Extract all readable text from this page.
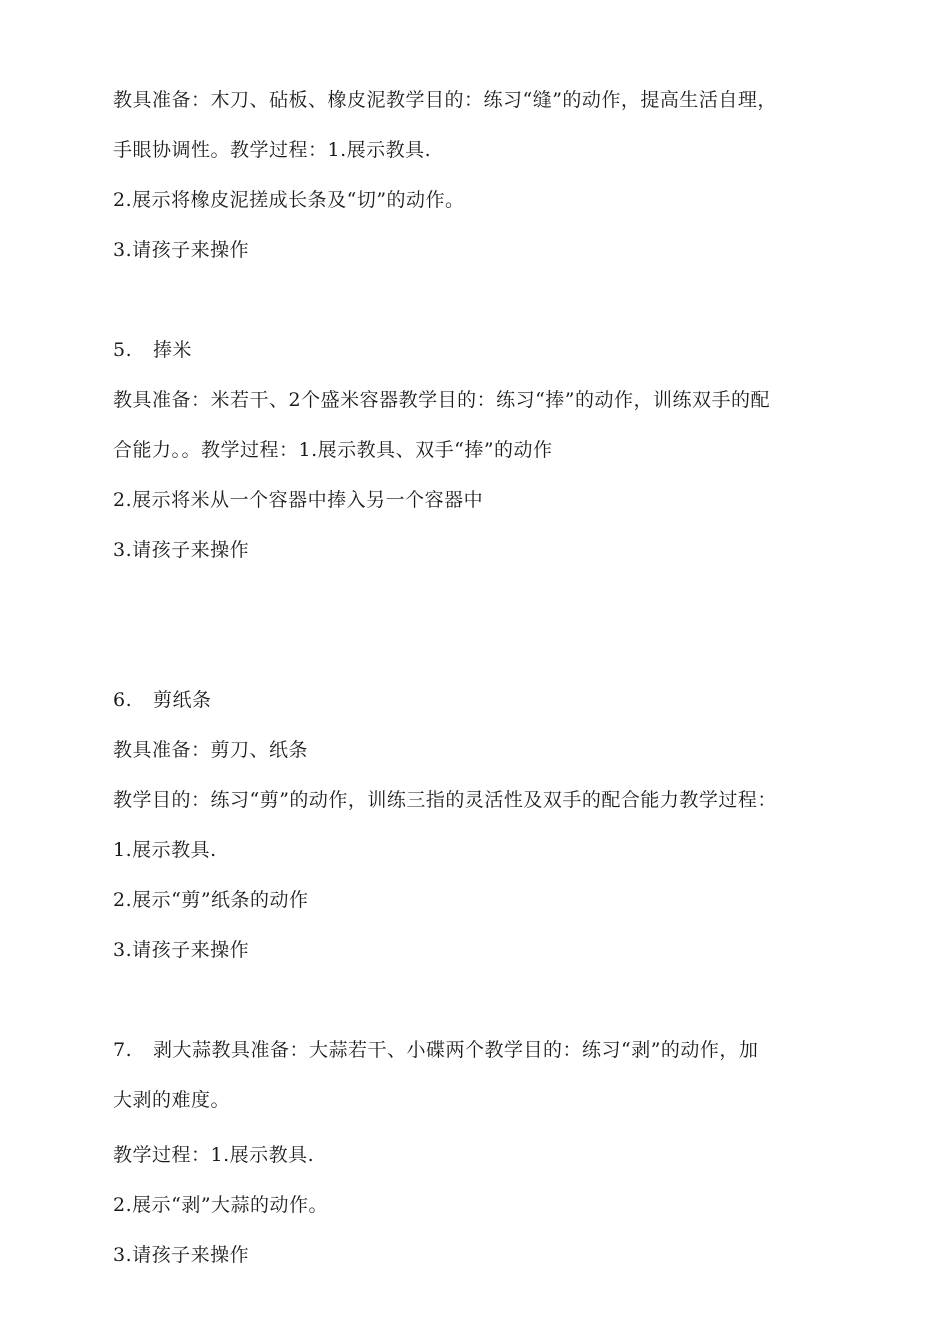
教具准备：木刀、砧板、橡皮泥教学目的：练习“缝”的动作，提高生活自理，
手眼协调性。教学过程：1.展示教具.
2.展示将橡皮泥搓成长条及“切”的动作。
3.请孩子来操作
5. 捧米
教具准备：米若干、2个盛米容器教学目的：练习“捧”的动作，训练双手的配
合能力。。教学过程：1.展示教具、双手“捧”的动作
2.展示将米从一个容器中捧入另一个容器中
3.请孩子来操作
6. 剪纸条
教具准备：剪刀、纸条
教学目的：练习“剪”的动作，训练三指的灵活性及双手的配合能力教学过程：
1.展示教具.
2.展示“剪”纸条的动作
3.请孩子来操作
7. 剥大蒜教具准备：大蒜若干、小碟两个教学目的：练习“剥”的动作，加
大剥的难度。
教学过程：1.展示教具.
2.展示“剥”大蒜的动作。
3.请孩子来操作
